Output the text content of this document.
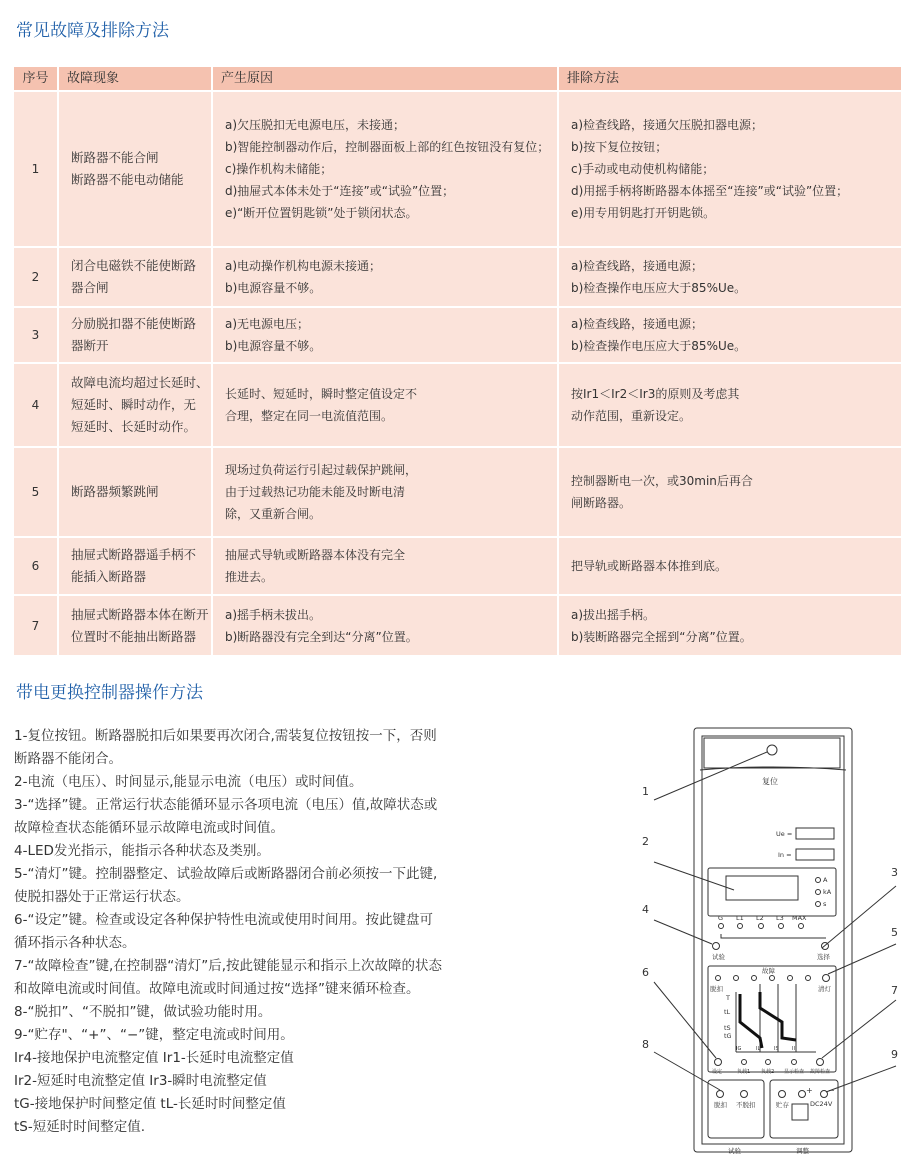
常见故障及排除方法
序号	故障现象	产生原因	排除方法
1	断路器不能合闸
断路器不能电动储能	a)欠压脱扣无电源电压，未接通；
b)智能控制器动作后，控制器面板上部的红色按钮没有复位；
c)操作机构未储能；
d)抽屉式本体未处于“连接”或“试验”位置；
e)“断开位置钥匙锁”处于锁闭状态。	a)检查线路，接通欠压脱扣器电源；
b)按下复位按钮；
c)手动或电动使机构储能；
d)用摇手柄将断路器本体摇至“连接”或“试验”位置；
e)用专用钥匙打开钥匙锁。

2	闭合电磁铁不能使断路
器合闸	a)电动操作机构电源未接通；
b)电源容量不够。	a)检查线路，接通电源；
b)检查操作电压应大于85%Ue。

3	分励脱扣器不能使断路
器断开	a)无电源电压；
b)电源容量不够。	a)检查线路，接通电源；
b)检查操作电压应大于85%Ue。

4	故障电流均超过长延时、
短延时、瞬时动作，无
短延时、长延时动作。	长延时、短延时，瞬时整定值设定不
合理，整定在同一电流值范围。	按Ir1＜Ir2＜Ir3的原则及考虑其
动作范围，重新设定。

5	断路器频繁跳闸	现场过负荷运行引起过载保护跳闸，
由于过载热记功能未能及时断电清
除，又重新合闸。	控制器断电一次，或30min后再合
闸断路器。

6	抽屉式断路器遥手柄不
能插入断路器	抽屉式导轨或断路器本体没有完全
推进去。	把导轨或断路器本体推到底。

7	抽屉式断路器本体在断开
位置时不能抽出断路器	a)摇手柄未拔出。
b)断路器没有完全到达“分离”位置。	a)拔出摇手柄。
b)装断路器完全摇到“分离”位置。
带电更换控制器操作方法
1-复位按钮。断路器脱扣后如果要再次闭合,需装复位按钮按一下，否则
断路器不能闭合。
2-电流（电压）、时间显示,能显示电流（电压）或时间值。
3-“选择”键。正常运行状态能循环显示各项电流（电压）值,故障状态或
故障检查状态能循环显示故障电流或时间值。
4-LED发光指示，能指示各种状态及类别。
5-“清灯”键。控制器整定、试验故障后或断路器闭合前必须按一下此键,
使脱扣器处于正常运行状态。
6-“设定”键。检查或设定各种保护特性电流或使用时间用。按此键盘可
循环指示各种状态。
7-“故障检查”键,在控制器“清灯”后,按此键能显示和指示上次故障的状态
和故障电流或时间值。故障电流或时间通过按“选择”键来循环检查。
8-“脱扣”、“不脱扣”键，做试验功能时用。
9-“贮存"、“+”、“−”键，整定电流或时间用。
Ir4-接地保护电流整定值 Ir1-长延时电流整定值
Ir2-短延时电流整定值 Ir3-瞬时电流整定值
tG-接地保护时间整定值 tL-长延时时间整定值
tS-短延时时间整定值.
1
2
3
4
5
6
7
8
9
复位
Ue =
In =
A
kA
s
G L1 L2 L3 MAX
试验	选择
故障
脱扣	清灯
T
tL
tS
tG
IG	IL	IS	II
设定	负载1 负载2 显示检查 故障检查
脱扣 不脱扣	贮存
+ −
DC24V
试验	调整
